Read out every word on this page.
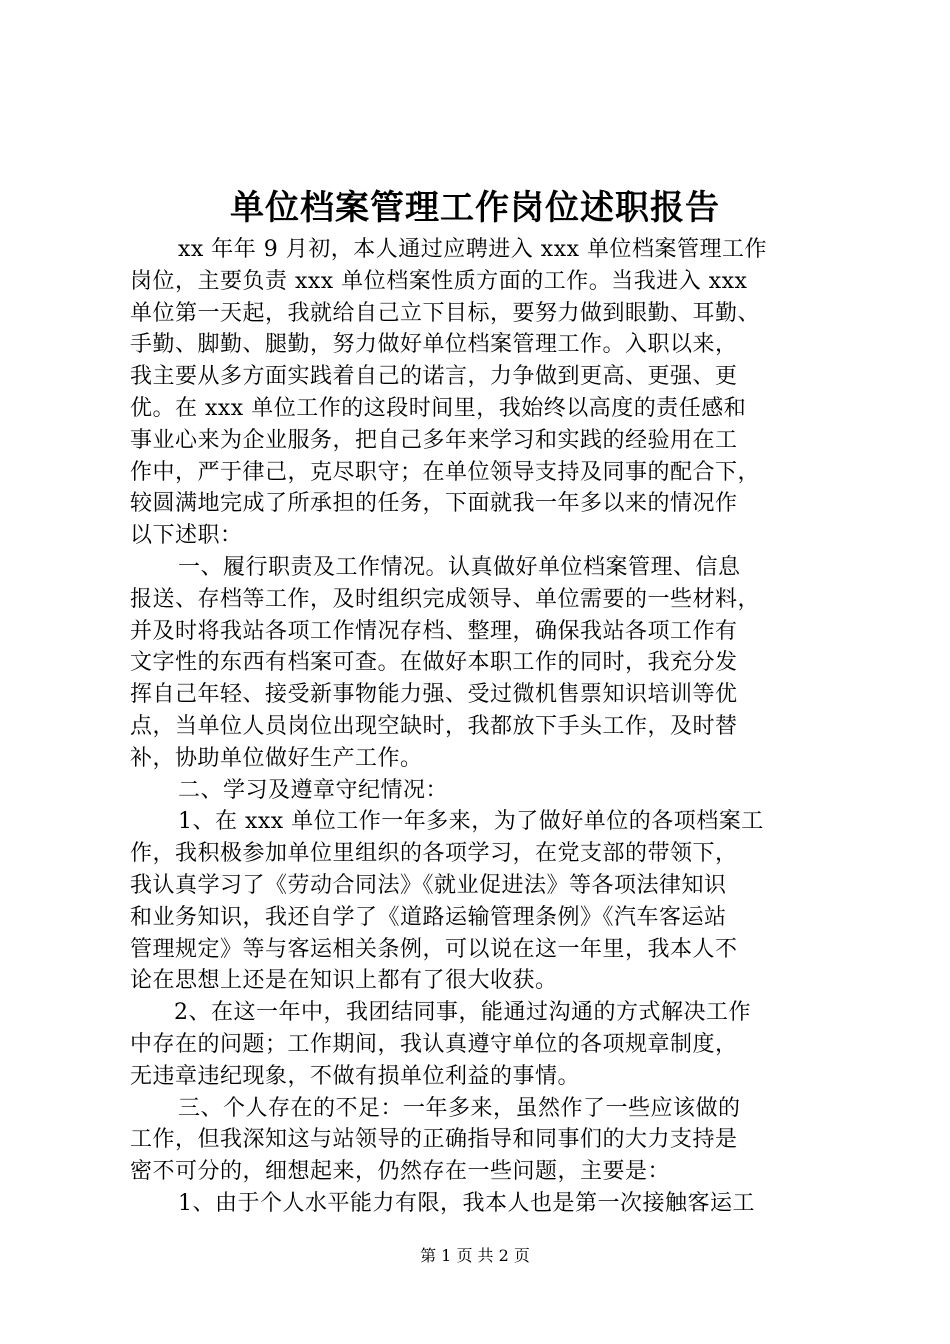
单位档案管理工作岗位述职报告
xx 年年 9 月初，本人通过应聘进入 xxx 单位档案管理工作
岗位，主要负责 xxx 单位档案性质方面的工作。当我进入 xxx
单位第一天起，我就给自己立下目标，要努力做到眼勤、耳勤、
手勤、脚勤、腿勤，努力做好单位档案管理工作。入职以来，
我主要从多方面实践着自己的诺言，力争做到更高、更强、更
优。在 xxx 单位工作的这段时间里，我始终以高度的责任感和
事业心来为企业服务，把自己多年来学习和实践的经验用在工
作中，严于律己，克尽职守；在单位领导支持及同事的配合下，
较圆满地完成了所承担的任务，下面就我一年多以来的情况作
以下述职：
一、履行职责及工作情况。认真做好单位档案管理、信息
报送、存档等工作，及时组织完成领导、单位需要的一些材料，
并及时将我站各项工作情况存档、整理，确保我站各项工作有
文字性的东西有档案可查。在做好本职工作的同时，我充分发
挥自己年轻、接受新事物能力强、受过微机售票知识培训等优
点，当单位人员岗位出现空缺时，我都放下手头工作，及时替
补，协助单位做好生产工作。
二、学习及遵章守纪情况：
1、在 xxx 单位工作一年多来，为了做好单位的各项档案工
作，我积极参加单位里组织的各项学习，在党支部的带领下，
我认真学习了《劳动合同法》《就业促进法》等各项法律知识
和业务知识，我还自学了《道路运输管理条例》《汽车客运站
管理规定》等与客运相关条例，可以说在这一年里，我本人不
论在思想上还是在知识上都有了很大收获。
2、在这一年中，我团结同事，能通过沟通的方式解决工作
中存在的问题；工作期间，我认真遵守单位的各项规章制度，
无违章违纪现象，不做有损单位利益的事情。
三、个人存在的不足：一年多来，虽然作了一些应该做的
工作，但我深知这与站领导的正确指导和同事们的大力支持是
密不可分的，细想起来，仍然存在一些问题，主要是：
1、由于个人水平能力有限，我本人也是第一次接触客运工
第 1 页 共 2 页
